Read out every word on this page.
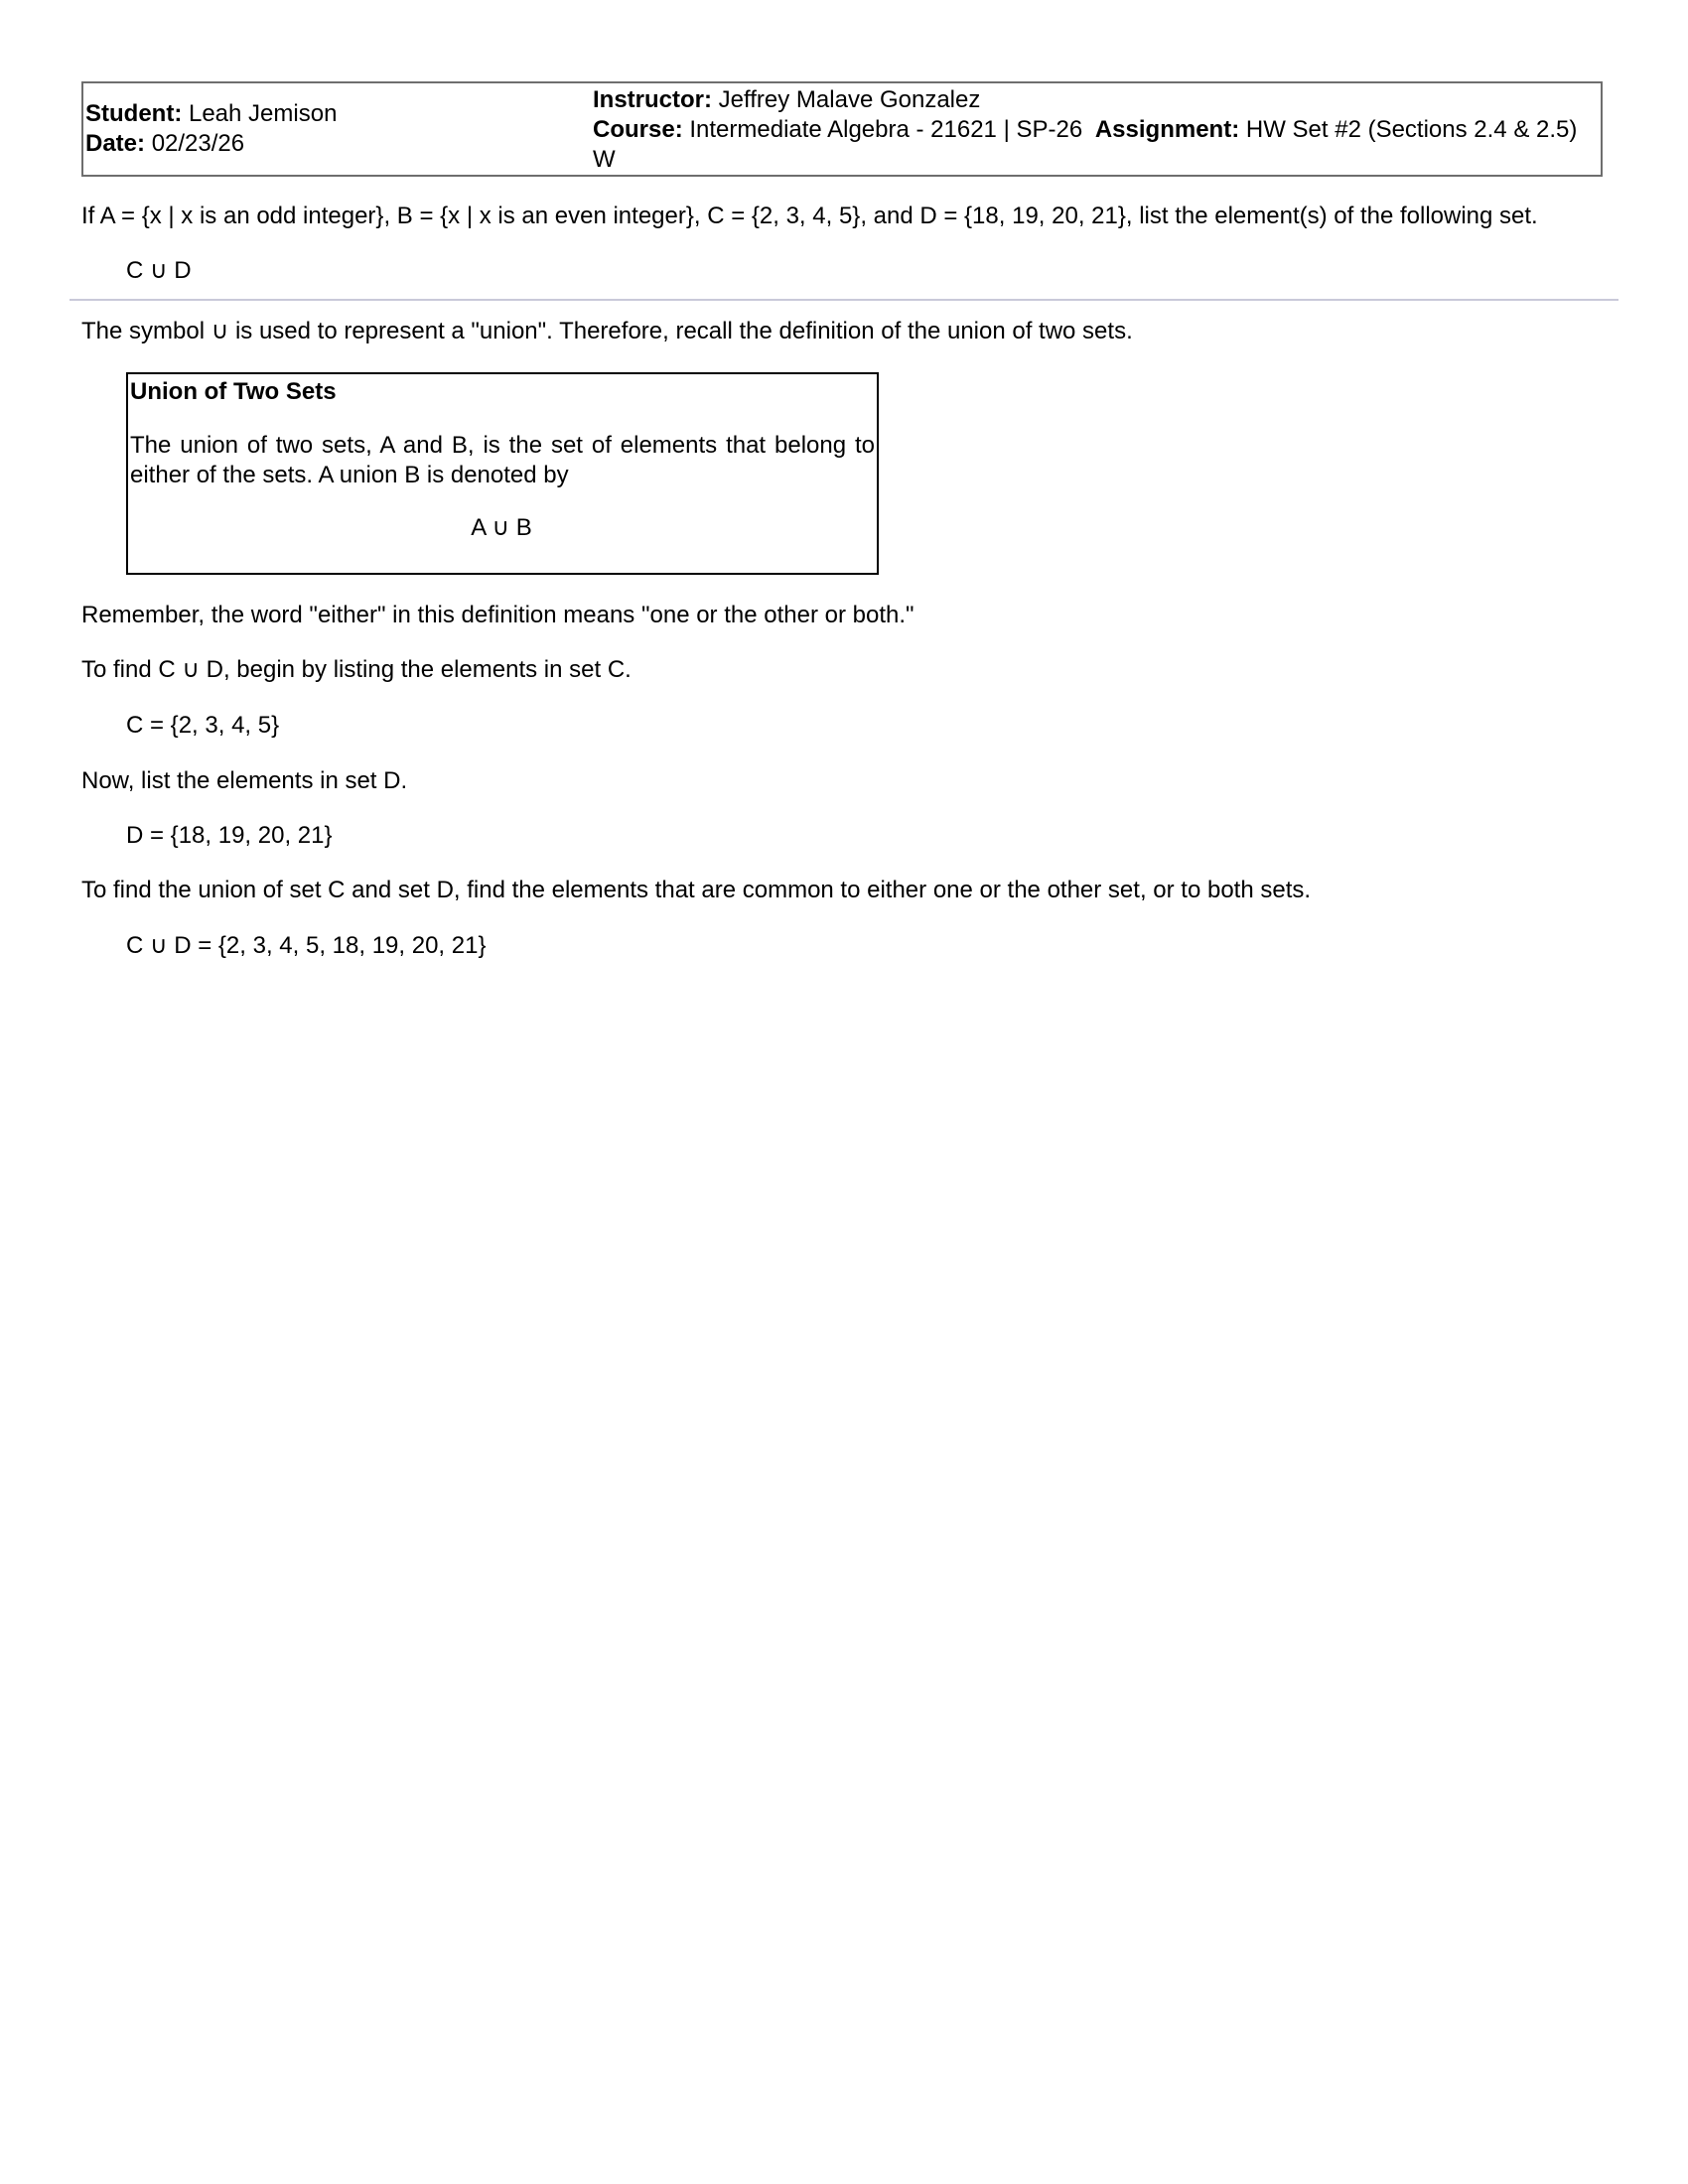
Student: Leah Jemison
Date: 02/23/26
Instructor: Jeffrey Malave Gonzalez
Course: Intermediate Algebra - 21621 | SP-26 Assignment: HW Set #2 (Sections 2.4 & 2.5)
W
If A = {x | x is an odd integer}, B = {x | x is an even integer}, C = {2, 3, 4, 5}, and D = {18, 19, 20, 21}, list the element(s) of the following set.
C ∪ D
The symbol ∪ is used to represent a "union". Therefore, recall the definition of the union of two sets.
Union of Two Sets
The union of two sets, A and B, is the set of elements that belong to either of the sets. A union B is denoted by
A ∪ B
Remember, the word "either" in this definition means "one or the other or both."
To find C ∪ D, begin by listing the elements in set C.
C = {2, 3, 4, 5}
Now, list the elements in set D.
D = {18, 19, 20, 21}
To find the union of set C and set D, find the elements that are common to either one or the other set, or to both sets.
C ∪ D = {2, 3, 4, 5, 18, 19, 20, 21}
